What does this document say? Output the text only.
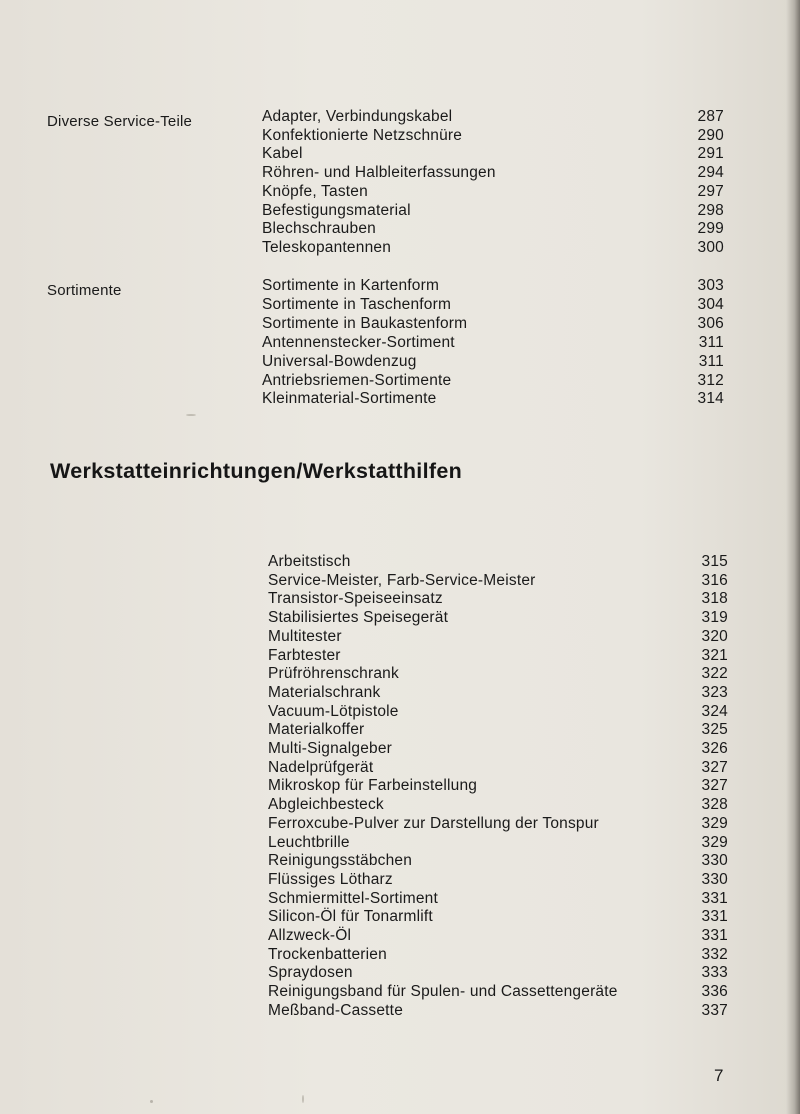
Diverse Service-Teile	Adapter, Verbindungskabel	287
Konfektionierte Netzschnüre	290
Kabel	291
Röhren- und Halbleiterfassungen	294
Knöpfe, Tasten	297
Befestigungsmaterial	298
Blechschrauben	299
Teleskopantennen	300
Sortimente	Sortimente in Kartenform	303
Sortimente in Taschenform	304
Sortimente in Baukastenform	306
Antennenstecker-Sortiment	311
Universal-Bowdenzug	311
Antriebsriemen-Sortimente	312
Kleinmaterial-Sortimente	314
Werkstatteinrichtungen/Werkstatthilfen
Arbeitstisch	315
Service-Meister, Farb-Service-Meister	316
Transistor-Speiseeinsatz	318
Stabilisiertes Speisegerät	319
Multitester	320
Farbtester	321
Prüfröhrenschrank	322
Materialschrank	323
Vacuum-Lötpistole	324
Materialkoffer	325
Multi-Signalgeber	326
Nadelprüfgerät	327
Mikroskop für Farbeinstellung	327
Abgleichbesteck	328
Ferroxcube-Pulver zur Darstellung der Tonspur	329
Leuchtbrille	329
Reinigungsstäbchen	330
Flüssiges Lötharz	330
Schmiermittel-Sortiment	331
Silicon-Öl für Tonarmlift	331
Allzweck-Öl	331
Trockenbatterien	332
Spraydosen	333
Reinigungsband für Spulen- und Cassettengeräte	336
Meßband-Cassette	337
7
